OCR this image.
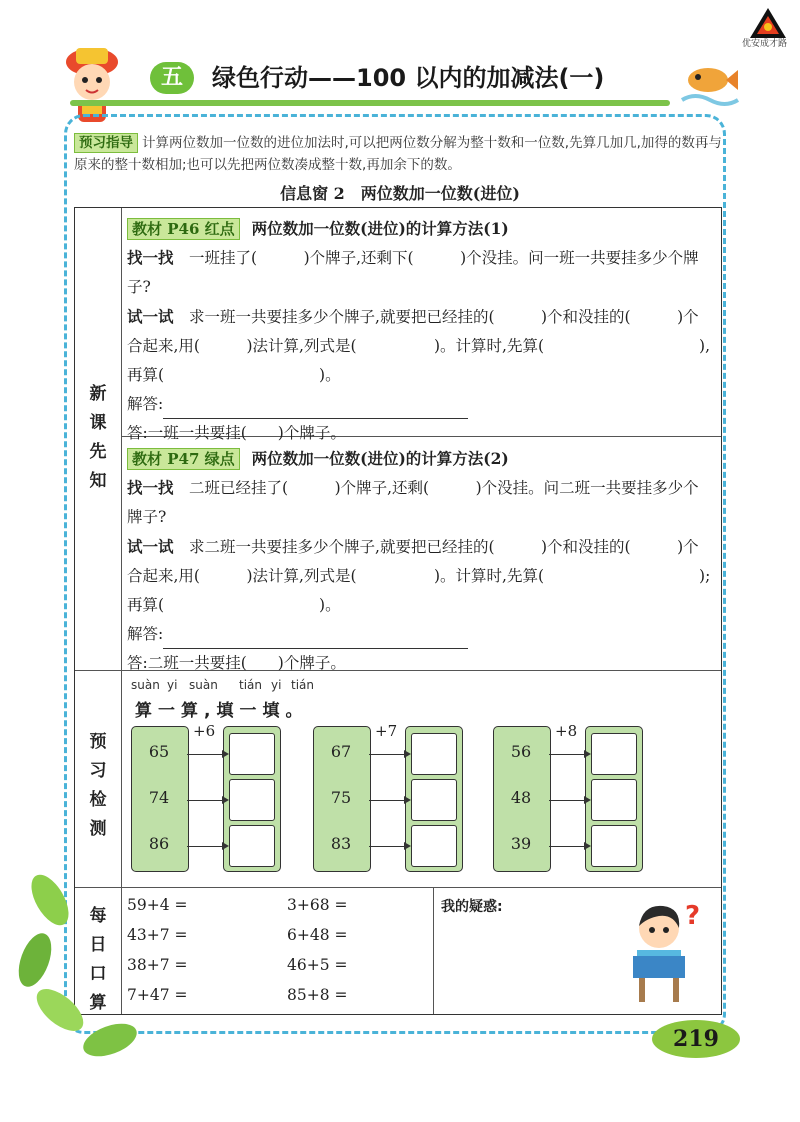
优安成才路
五	绿色行动——100 以内的加减法(一)
预习指导 计算两位数加一位数的进位加法时,可以把两位数分解为整十数和一位数,先算几加几,加得的数再与原来的整十数相加;也可以先把两位数凑成整十数,再加余下的数。
信息窗 2　两位数加一位数(进位)
新课先知
教材 P46 红点 两位数加一位数(进位)的计算方法(1)
找一找　 一班挂了(　　　)个牌子,还剩下(　　　)个没挂。问一班一共要挂多少个牌子?
试一试　 求一班一共要挂多少个牌子,就要把已经挂的(　　　)个和没挂的(　　　)个合起来,用(　　　)法计算,列式是(　　　　　)。计算时,先算(　　　　　　　　　　),再算(　　　　　　　　　　)。
解答:
答:一班一共要挂(　　)个牌子。
教材 P47 绿点 两位数加一位数(进位)的计算方法(2)
找一找　 二班已经挂了(　　　)个牌子,还剩(　　　)个没挂。问二班一共要挂多少个牌子?
试一试　 求二班一共要挂多少个牌子,就要把已经挂的(　　　)个和没挂的(　　　)个合起来,用(　　　)法计算,列式是(　　　　　)。计算时,先算(　　　　　　　　　　);再算(　　　　　　　　　　)。
解答:
答:二班一共要挂(　　)个牌子。
预习检测
suàn yi suàn tián yi tián
算一算,填一填。
+6
65
74
86
+7
67
75
83
+8
56
48
39
每日口算
59+4 =
43+7 =
38+7 =
7+47 =
3+68 =
6+48 =
46+5 =
85+8 =
我的疑惑:	?
219
